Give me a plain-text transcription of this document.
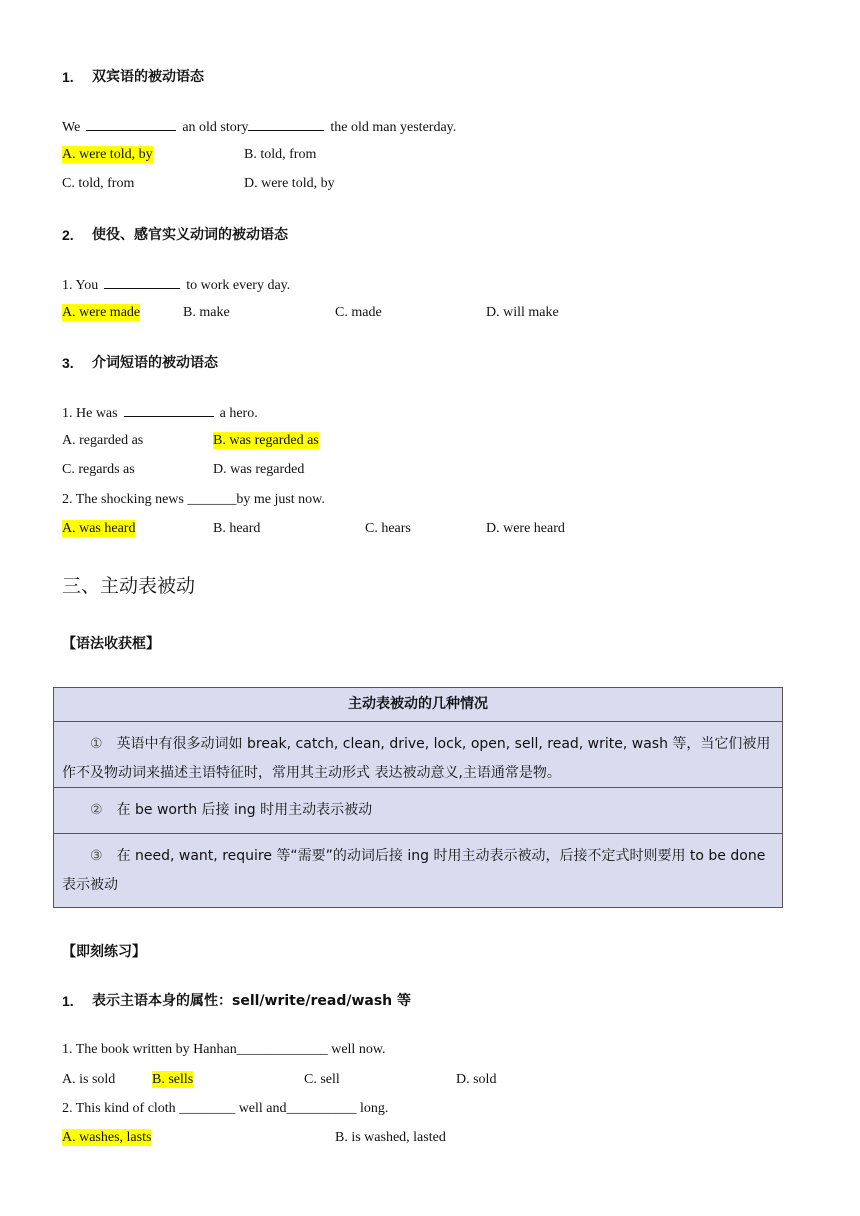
1. 双宾语的被动语态
We	an old story	the old man yesterday.
A. were told, by	B. told, from
C. told, from	D. were told, by
2. 使役、感官实义动词的被动语态
1. You	to work every day.
A. were made	B. make	C. made	D. will make
3. 介词短语的被动语态
1. He was	a hero.
A. regarded as	B. was regarded as
C. regards as	D. was regarded
2. The shocking news _______by me just now.
A. was heard	B. heard	C. hears	D. were heard
三、主动表被动
【语法收获框】
主动表被动的几种情况
① 英语中有很多动词如 break, catch, clean, drive, lock, open, sell, read, write, wash 等，当它们被用作不及物动词来描述主语特征时，常用其主动形式 表达被动意义,主语通常是物。
② 在 be worth 后接 ing 时用主动表示被动
③ 在 need, want, require 等“需要”的动词后接 ing 时用主动表示被动，后接不定式时则要用 to be done 表示被动
【即刻练习】
1. 表示主语本身的属性：sell/write/read/wash 等
1. The book written by Hanhan_____________ well now.
A. is sold	B. sells	C. sell	D. sold
2. This kind of cloth ________ well and__________ long.
A. washes, lasts	B. is washed, lasted
